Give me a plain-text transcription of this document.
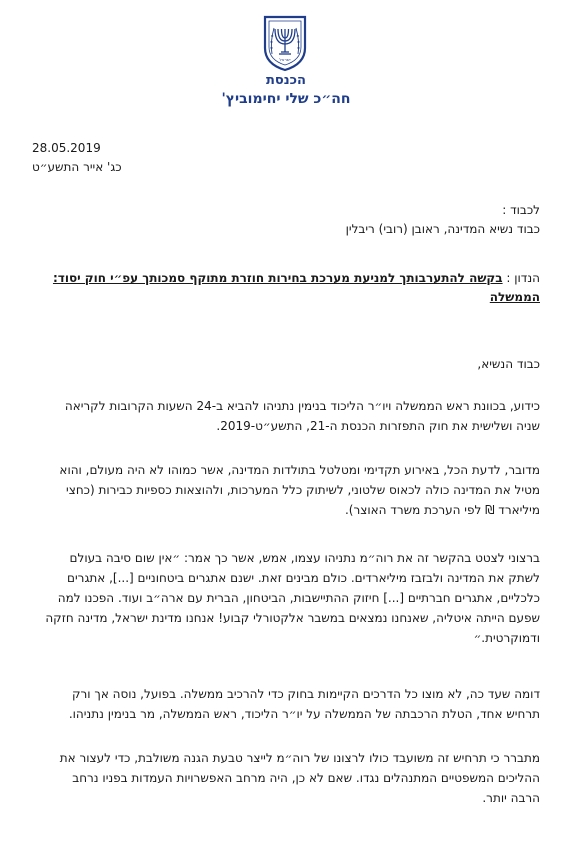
ישראל
הכנסת
חה״כ שלי יחימוביץ'
28.05.2019
כג' אייר התשע״ט
לכבוד :
כבוד נשיא המדינה, ראובן (רובי) ריבלין
הנדון : בקשה להתערבותך למניעת מערכת בחירות חוזרת מתוקף סמכותך עפ״י חוק יסוד:
הממשלה
כבוד הנשיא,
כידוע, בכוונת ראש הממשלה ויו״ר הליכוד בנימין נתניהו להביא ב-24 השעות הקרובות לקריאה
שניה ושלישית את חוק התפזרות הכנסת ה-21, התשע״ט-2019.
מדובר, לדעת הכל, באירוע תקדימי ומטלטל בתולדות המדינה, אשר כמוהו לא היה מעולם, והוא
מטיל את המדינה כולה לכאוס שלטוני, לשיתוק כלל המערכות, ולהוצאות כספיות כבירות (כחצי
מיליארד ₪ לפי הערכת משרד האוצר).
ברצוני לצטט בהקשר זה את רוה״מ נתניהו עצמו, אמש, אשר כך אמר: ״אין שום סיבה בעולם
לשתק את המדינה ולבזבז מיליארדים. כולם מבינים זאת. ישנם אתגרים ביטחוניים [...], אתגרים
כלכליים, אתגרים חברתיים [...] חיזוק ההתיישבות, הביטחון, הברית עם ארה״ב ועוד. הפכנו למה
שפעם הייתה איטליה, שאנחנו נמצאים במשבר אלקטורלי קבוע! אנחנו מדינת ישראל, מדינה חזקה
ודמוקרטית.״
דומה שעד כה, לא מוצו כל הדרכים הקיימות בחוק כדי להרכיב ממשלה. בפועל, נוסה אך ורק
תרחיש אחד, הטלת הרכבתה של הממשלה על יו״ר הליכוד, ראש הממשלה, מר בנימין נתניהו.
מתברר כי תרחיש זה משועבד כולו לרצונו של רוה״מ לייצר טבעת הגנה משולבת, כדי לעצור את
ההליכים המשפטיים המתנהלים נגדו. שאם לא כן, היה מרחב האפשרויות העמדות בפניו נרחב
הרבה יותר.
